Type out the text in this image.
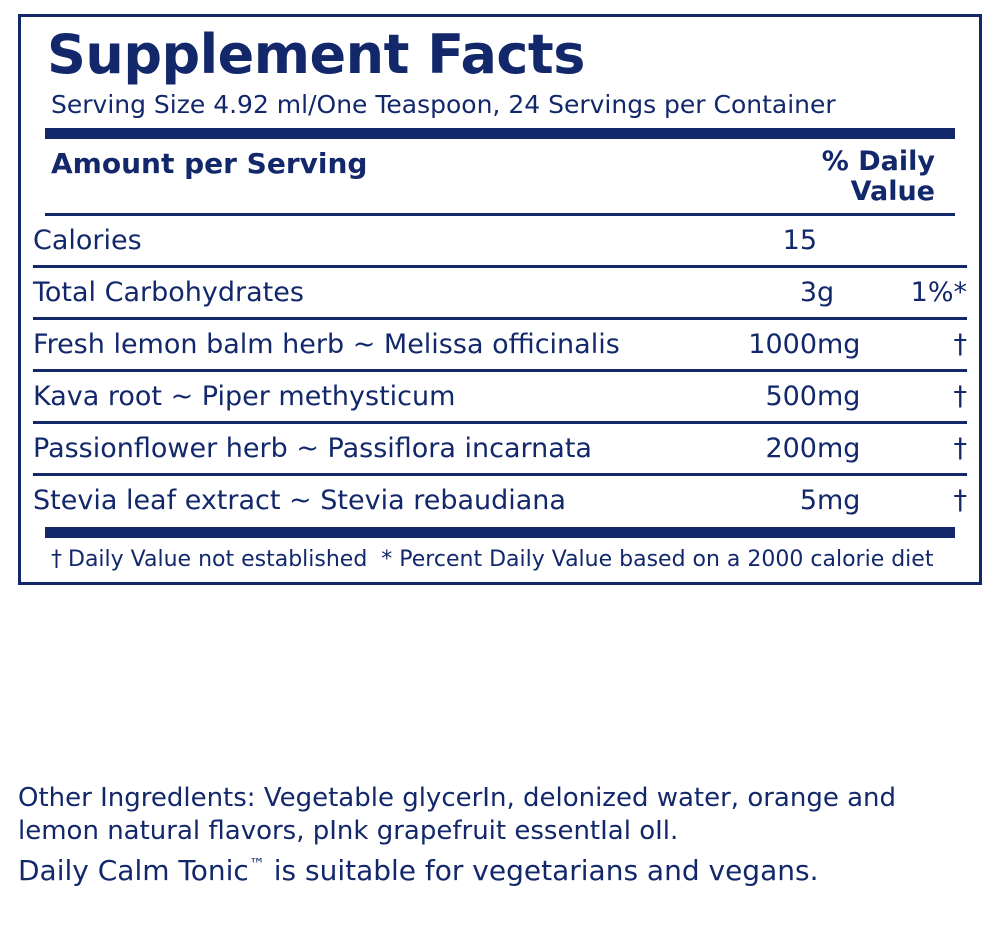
Supplement Facts
Serving Size 4.92 ml/One Teaspoon, 24 Servings per Container
Amount per Serving	% Daily
Value
Calories	15		
Total Carbohydrates	3	g	1%*
Fresh lemon balm herb ~ Melissa officinalis	1000	mg	†
Kava root ~ Piper methysticum	500	mg	†
Passionflower herb ~ Passiflora incarnata	200	mg	†
Stevia leaf extract ~ Stevia rebaudiana	5	mg	†
† Daily Value not established * Percent Daily Value based on a 2000 calorie diet

Other Ingredlents: Vegetable glycerIn, delonized water, orange and lemon natural flavors, pInk grapefruit essentIal oIl.

Daily Calm Tonic™ is suitable for vegetarians and vegans.
